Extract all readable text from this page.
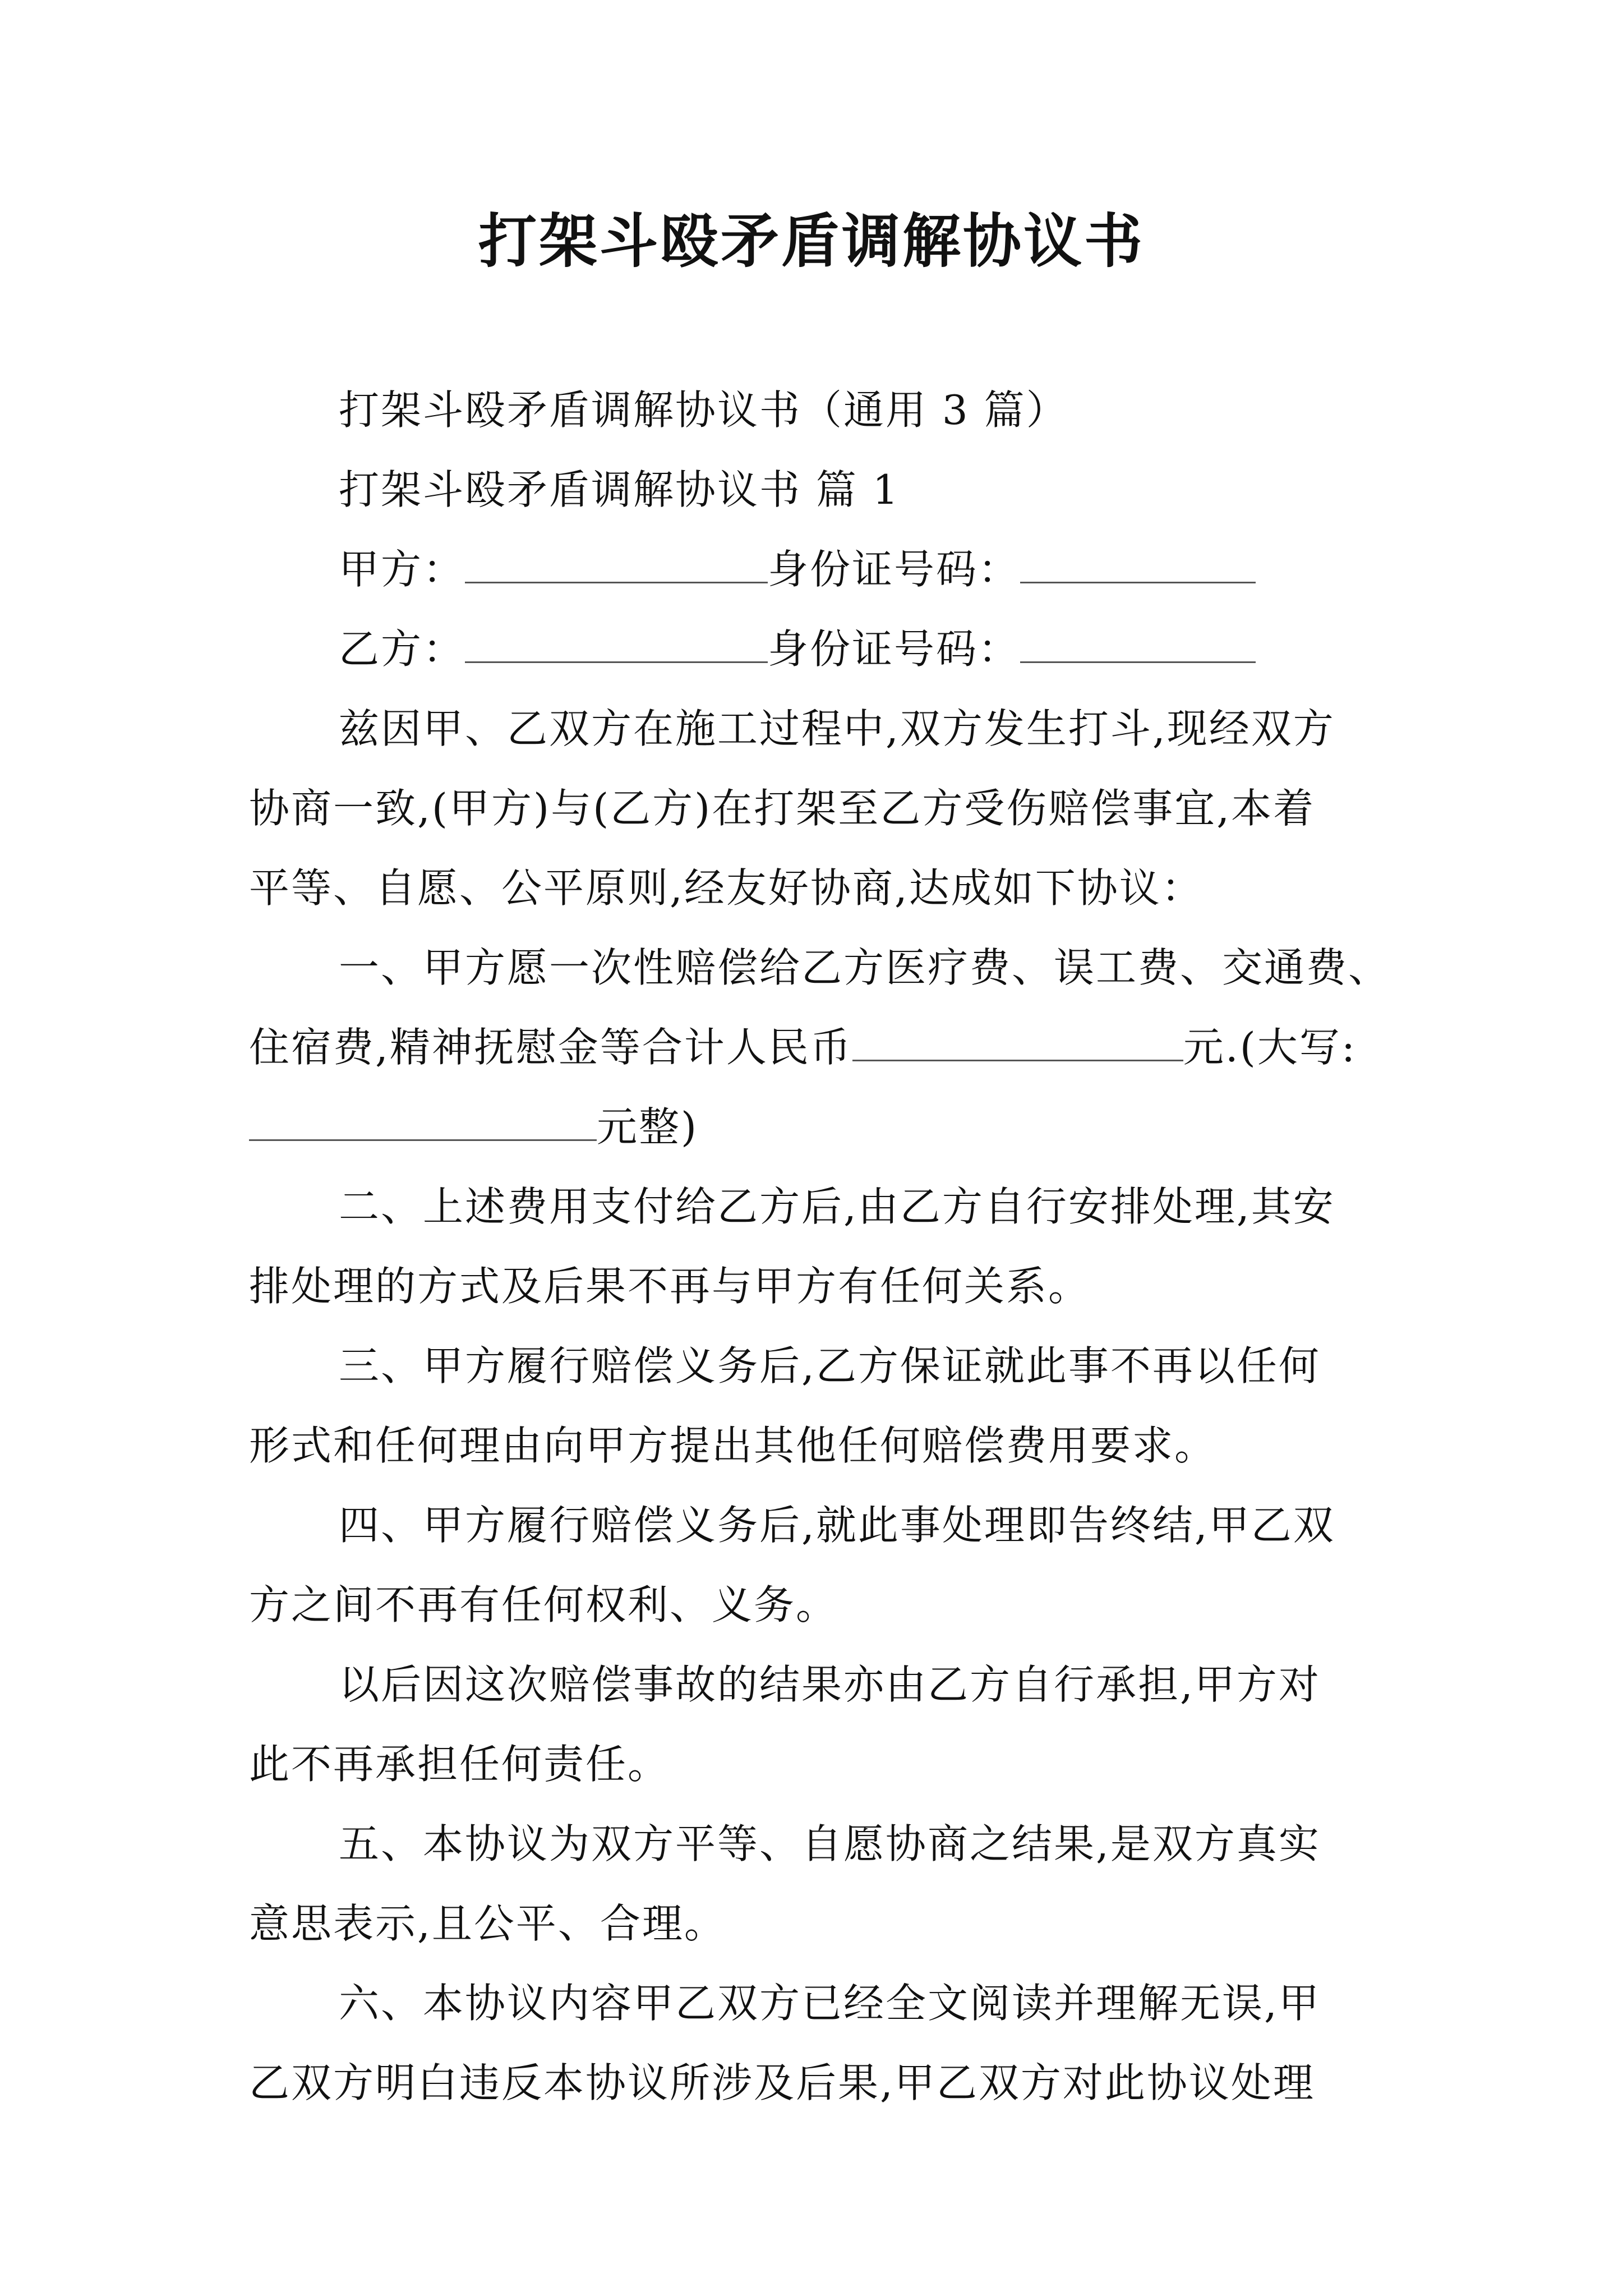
打架斗殴矛盾调解协议书
打架斗殴矛盾调解协议书（通用 3 篇）
打架斗殴矛盾调解协议书 篇 1
甲方：	身份证号码：
乙方：	身份证号码：
兹因甲、乙双方在施工过程中,双方发生打斗,现经双方
协商一致,(甲方)与(乙方)在打架至乙方受伤赔偿事宜,本着
平等、自愿、公平原则,经友好协商,达成如下协议：
一、甲方愿一次性赔偿给乙方医疗费、误工费、交通费、
住宿费,精神抚慰金等合计人民币	元.(大写:
元整)
二、上述费用支付给乙方后,由乙方自行安排处理,其安
排处理的方式及后果不再与甲方有任何关系。
三、甲方履行赔偿义务后,乙方保证就此事不再以任何
形式和任何理由向甲方提出其他任何赔偿费用要求。
四、甲方履行赔偿义务后,就此事处理即告终结,甲乙双
方之间不再有任何权利、义务。
以后因这次赔偿事故的结果亦由乙方自行承担,甲方对
此不再承担任何责任。
五、本协议为双方平等、自愿协商之结果,是双方真实
意思表示,且公平、合理。
六、本协议内容甲乙双方已经全文阅读并理解无误,甲
乙双方明白违反本协议所涉及后果,甲乙双方对此协议处理
